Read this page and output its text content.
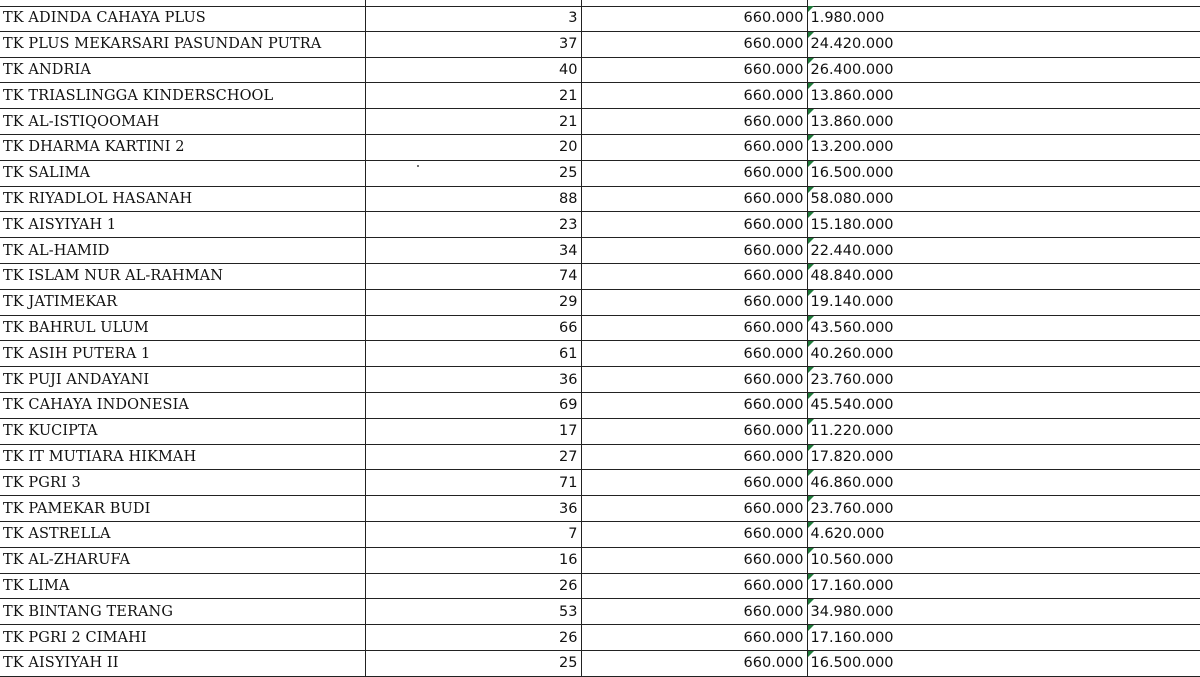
TK ADINDA CAHAYA PLUS	3	660.000	1.980.000
TK PLUS MEKARSARI PASUNDAN PUTRA	37	660.000	24.420.000
TK ANDRIA	40	660.000	26.400.000
TK TRIASLINGGA KINDERSCHOOL	21	660.000	13.860.000
TK AL-ISTIQOOMAH	21	660.000	13.860.000
TK DHARMA KARTINI 2	20	660.000	13.200.000
TK SALIMA	25	660.000	16.500.000
TK RIYADLOL HASANAH	88	660.000	58.080.000
TK AISYIYAH 1	23	660.000	15.180.000
TK AL-HAMID	34	660.000	22.440.000
TK ISLAM NUR AL-RAHMAN	74	660.000	48.840.000
TK JATIMEKAR	29	660.000	19.140.000
TK BAHRUL ULUM	66	660.000	43.560.000
TK ASIH PUTERA 1	61	660.000	40.260.000
TK PUJI ANDAYANI	36	660.000	23.760.000
TK CAHAYA INDONESIA	69	660.000	45.540.000
TK KUCIPTA	17	660.000	11.220.000
TK IT MUTIARA HIKMAH	27	660.000	17.820.000
TK PGRI 3	71	660.000	46.860.000
TK PAMEKAR BUDI	36	660.000	23.760.000
TK ASTRELLA	7	660.000	4.620.000
TK AL-ZHARUFA	16	660.000	10.560.000
TK LIMA	26	660.000	17.160.000
TK BINTANG TERANG	53	660.000	34.980.000
TK PGRI 2 CIMAHI	26	660.000	17.160.000
TK AISYIYAH II	25	660.000	16.500.000
